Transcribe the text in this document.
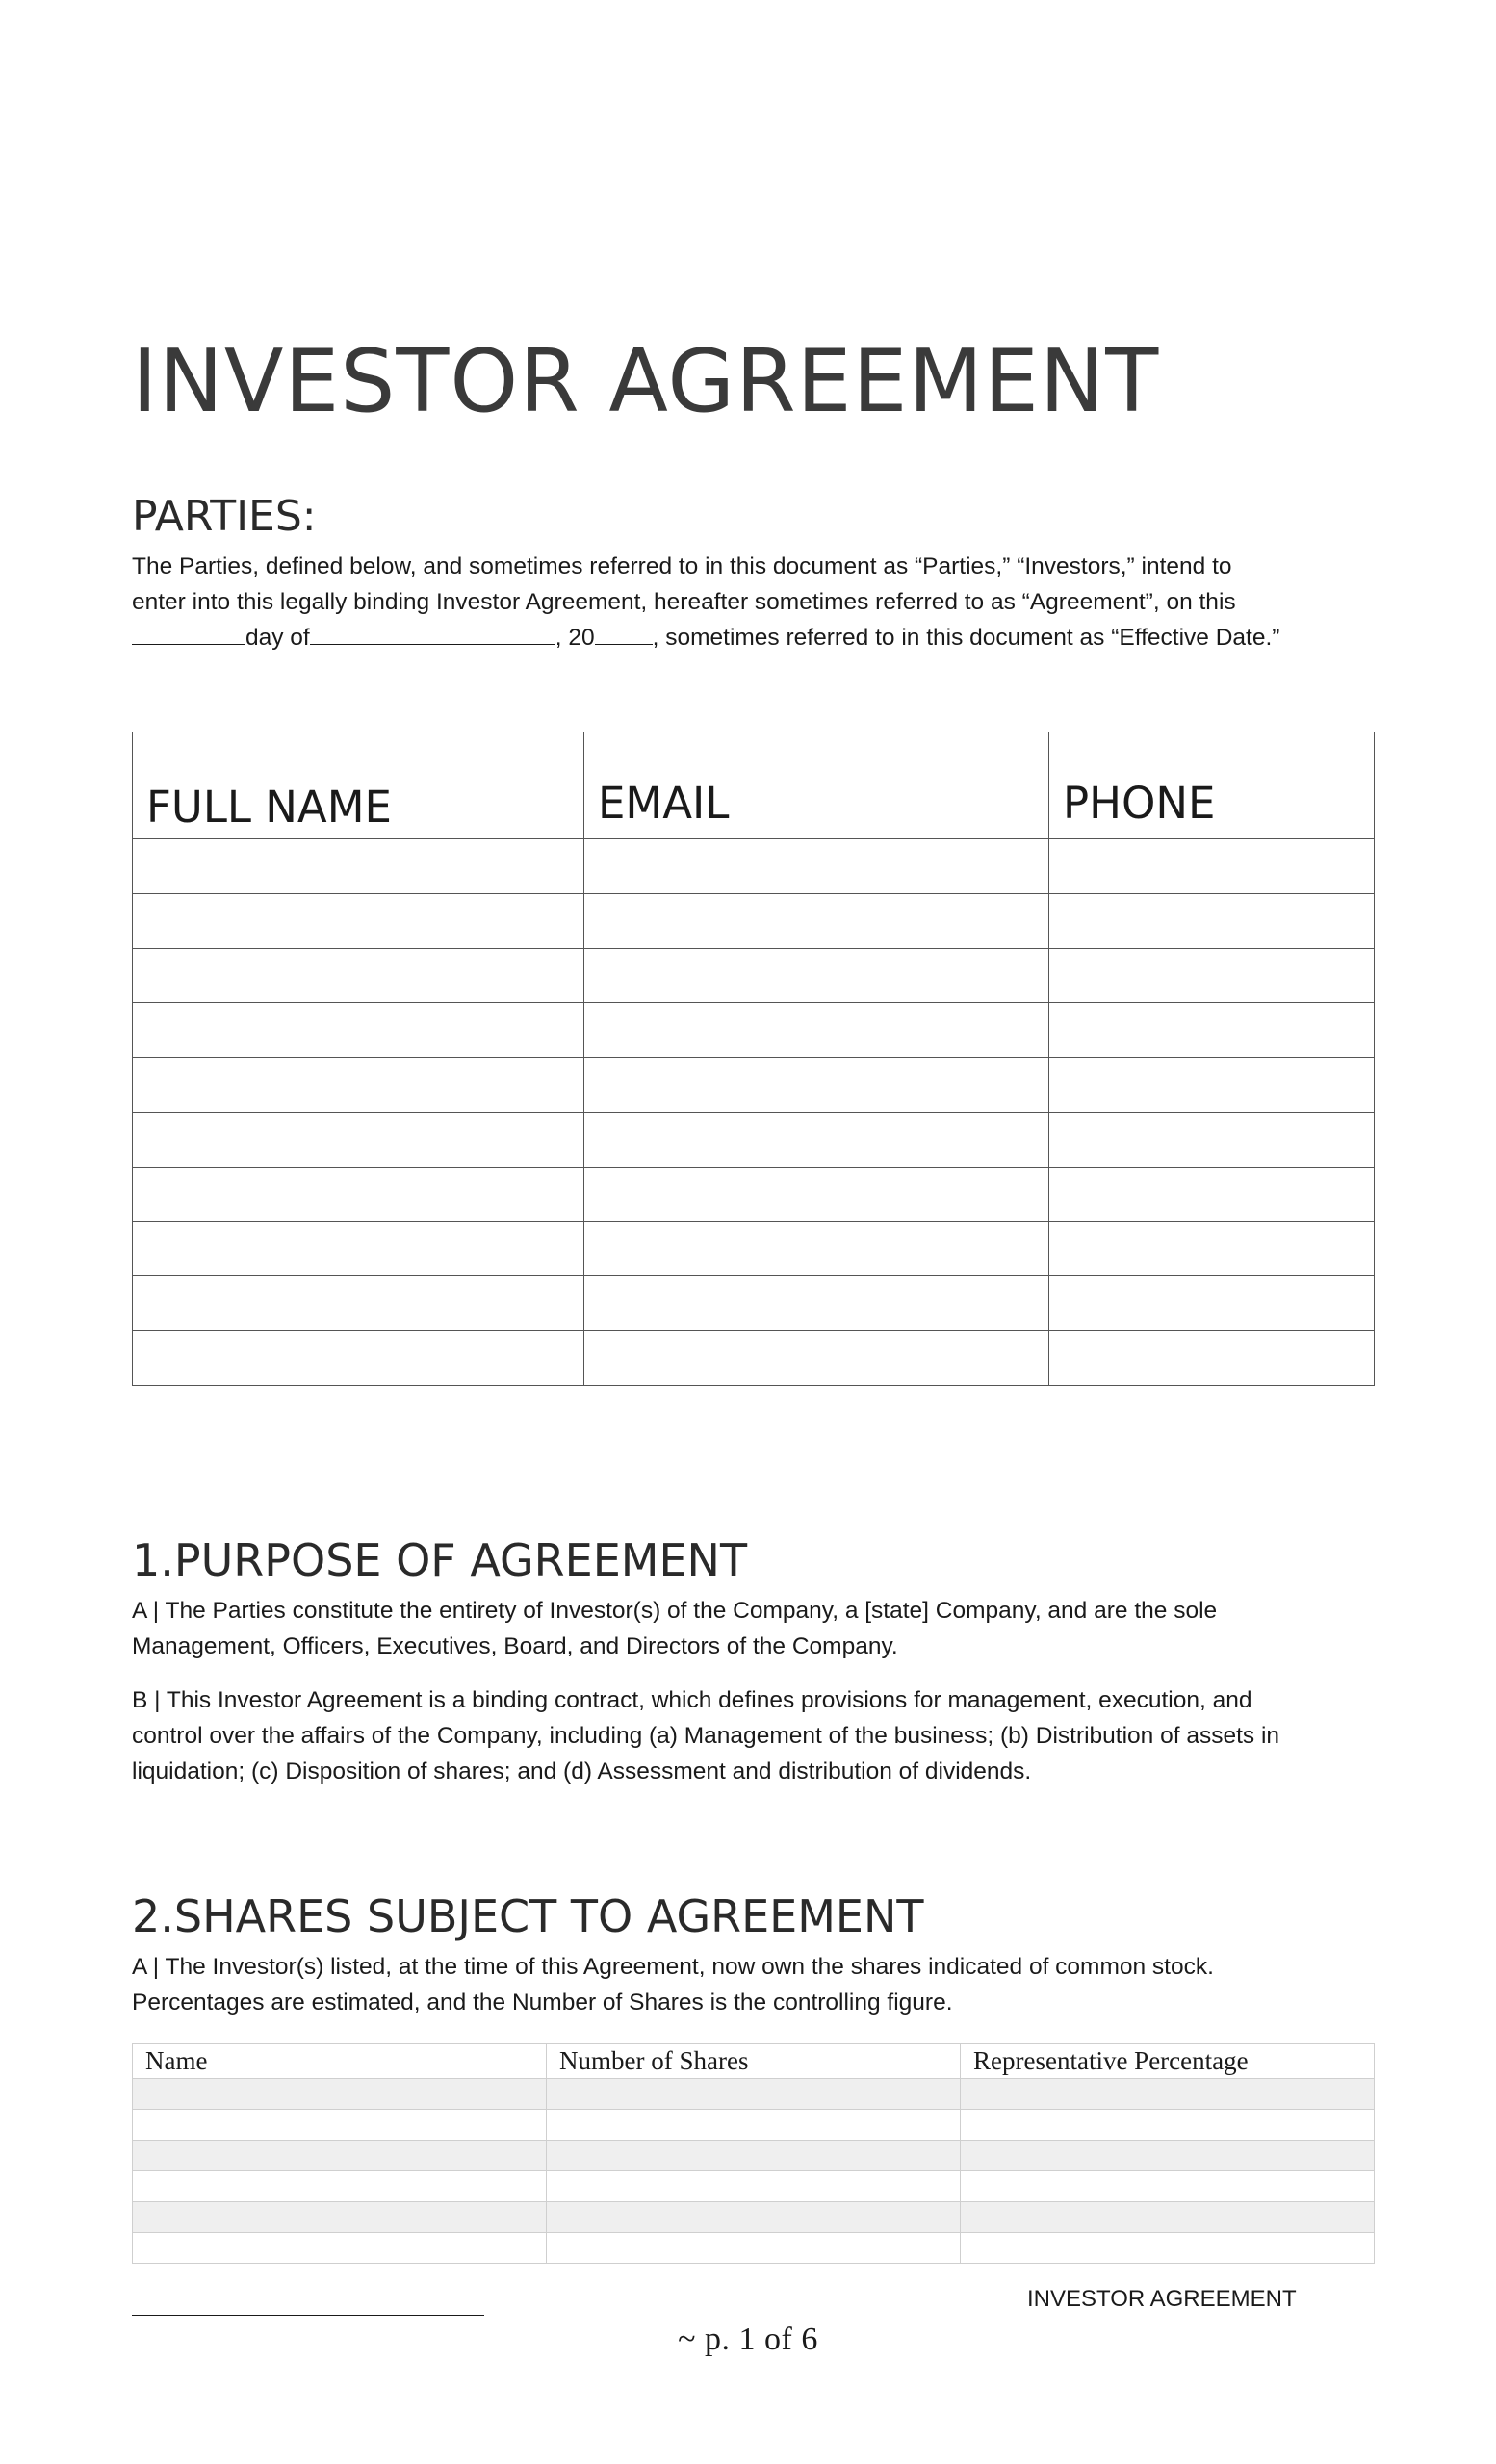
INVESTOR AGREEMENT
PARTIES:
The Parties, defined below, and sometimes referred to in this document as “Parties,” “Investors,” intend to
enter into this legally binding Investor Agreement, hereafter sometimes referred to as “Agreement”, on this
day of	, 20 , sometimes referred to in this document as “Effective Date.”
FULL NAME	EMAIL	PHONE

1.PURPOSE OF AGREEMENT
A | The Parties constitute the entirety of Investor(s) of the Company, a [state] Company, and are the sole
Management, Officers, Executives, Board, and Directors of the Company.
B | This Investor Agreement is a binding contract, which defines provisions for management, execution, and
control over the affairs of the Company, including (a) Management of the business; (b) Distribution of assets in
liquidation; (c) Disposition of shares; and (d) Assessment and distribution of dividends.
2.SHARES SUBJECT TO AGREEMENT
A | The Investor(s) listed, at the time of this Agreement, now own the shares indicated of common stock.
Percentages are estimated, and the Number of Shares is the controlling figure.
Name	Number of Shares	Representative Percentage

INVESTOR AGREEMENT
~ p. 1 of 6
